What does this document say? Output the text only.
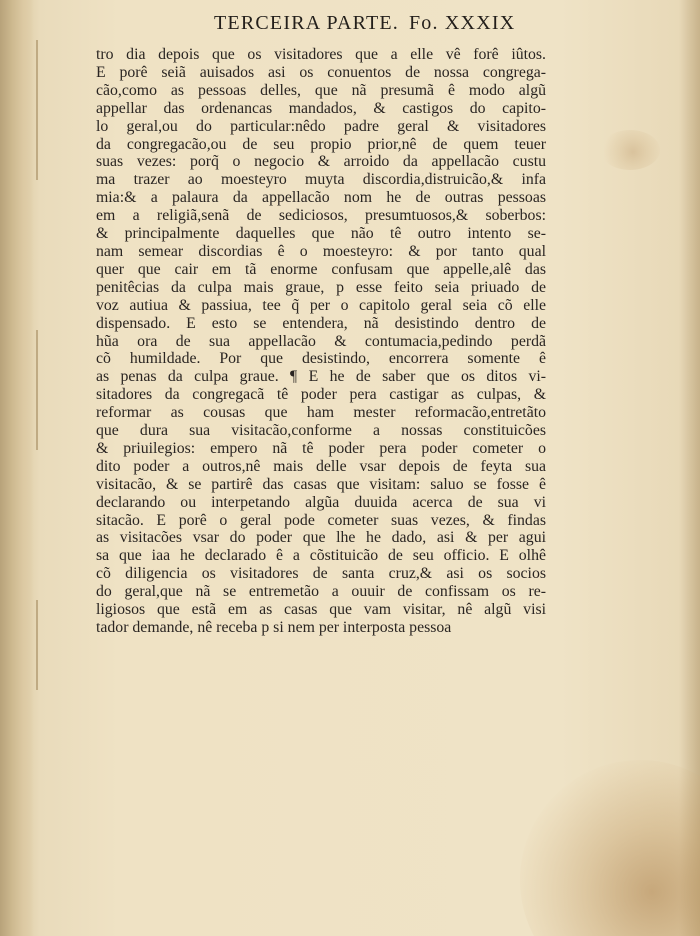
TERCEIRA PARTE. Fo. XXXIX
tro dia depois que os visitadores que a elle vê forê iûtos.
E porê seiã auisados asi os conuentos de nossa congrega-
cão,como as pessoas delles, que nã presumã ê modo algũ
appellar das ordenancas mandados, & castigos do capito-
lo geral,ou do particular:nêdo padre geral & visitadores
da congregacão,ou de seu propio prior,nê de quem teuer
suas vezes: porq̃ o negocio & arroido da appellacão custu
ma trazer ao moesteyro muyta discordia,distruicão,& infa
mia:& a palaura da appellacão nom he de outras pessoas
em a religiã,senã de sediciosos, presumtuosos,& soberbos:
& principalmente daquelles que não tê outro intento se-
nam semear discordias ê o moesteyro: & por tanto qual
quer que cair em tã enorme confusam que appelle,alê das
penitêcias da culpa mais graue, p esse feito seia priuado de
voz autiua & passiua, tee q̃ per o capitolo geral seia cõ elle
dispensado. E esto se entendera, nã desistindo dentro de
hũa ora de sua appellacão & contumacia,pedindo perdã
cõ humildade. Por que desistindo, encorrera somente ê
as penas da culpa graue. ¶ E he de saber que os ditos vi-
sitadores da congregacã tê poder pera castigar as culpas, &
reformar as cousas que ham mester reformacão,entretãto
que dura sua visitacão,conforme a nossas constituicões
& priuilegios: empero nã tê poder pera poder cometer o
dito poder a outros,nê mais delle vsar depois de feyta sua
visitacão, & se partirê das casas que visitam: saluo se fosse ê
declarando ou interpetando algũa duuida acerca de sua vi
sitacão. E porê o geral pode cometer suas vezes, & findas
as visitacões vsar do poder que lhe he dado, asi & per agui
sa que iaa he declarado ê a cõstituicão de seu officio. E olhê
cõ diligencia os visitadores de santa cruz,& asi os socios
do geral,que nã se entremetão a ouuir de confissam os re-
ligiosos que estã em as casas que vam visitar, nê algũ visi
tador demande, nê receba p si nem per interposta pessoa
